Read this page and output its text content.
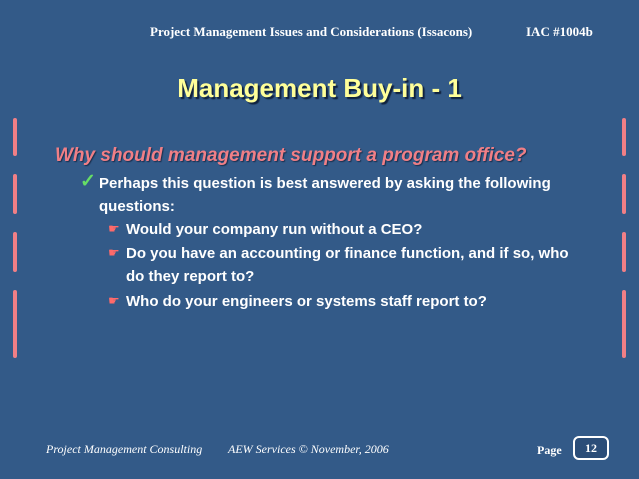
Project Management Issues and Considerations (Issacons)	IAC #1004b
Management Buy-in - 1
Why should management support a program office?
✓ Perhaps this question is best answered by asking the following questions:
☛ Would your company run without a CEO?
☛ Do you have an accounting or finance function, and if so, who do they report to?
☛ Who do your engineers or systems staff report to?
Project Management Consulting AEW Services © November, 2006	Page	12
